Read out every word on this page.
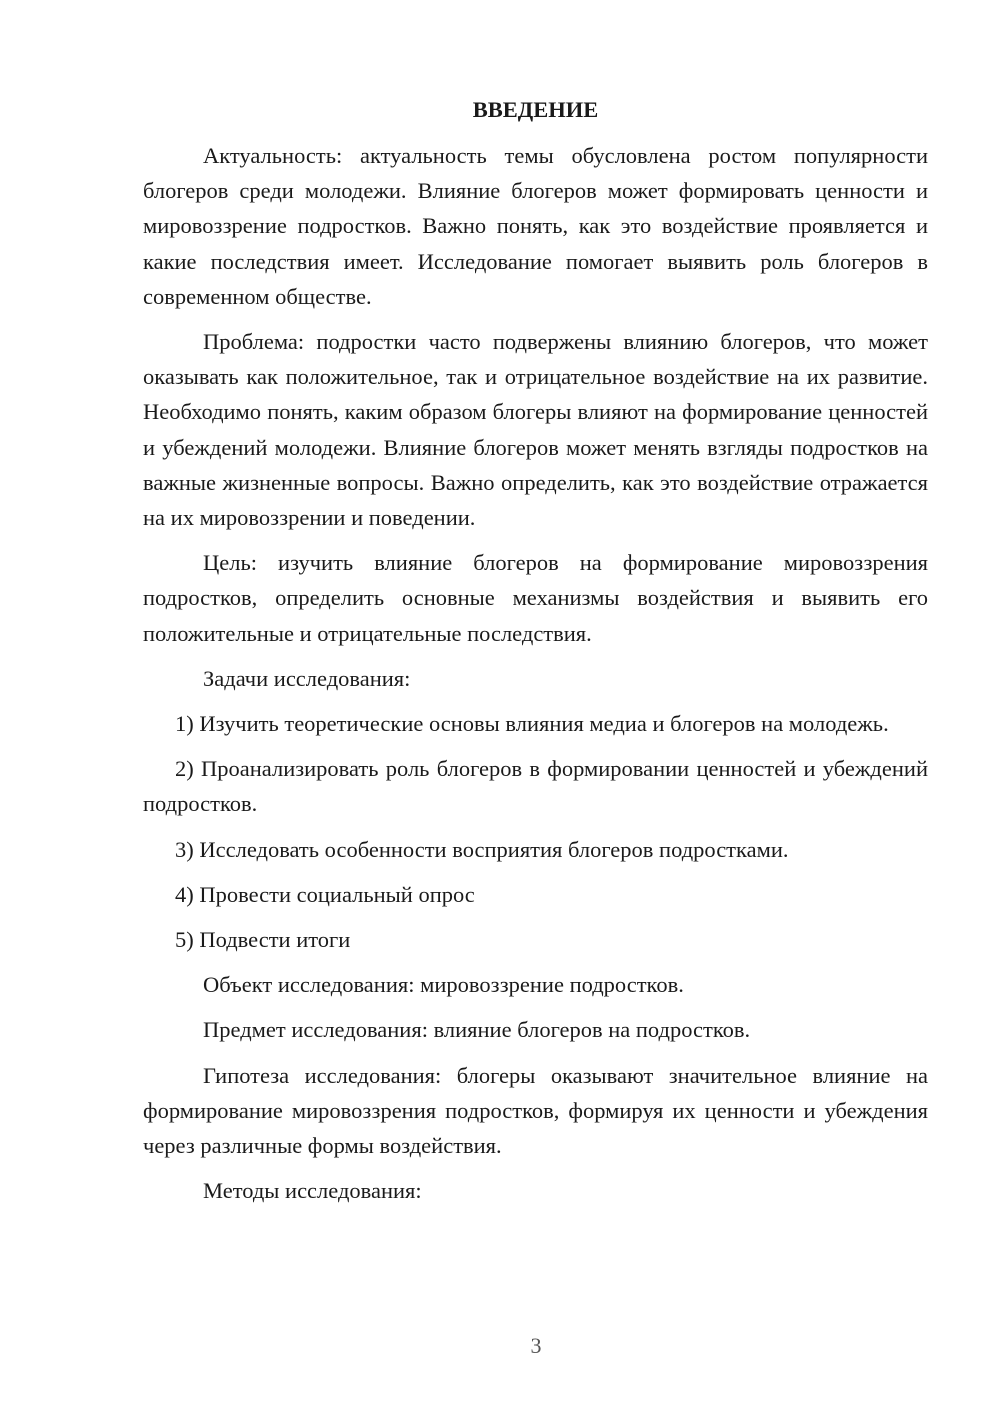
ВВЕДЕНИЕ

Актуальность: актуальность темы обусловлена ростом популярности блогеров среди молодежи. Влияние блогеров может формировать ценности и мировоззрение подростков. Важно понять, как это воздействие проявляется и какие последствия имеет. Исследование помогает выявить роль блогеров в современном обществе.

Проблема: подростки часто подвержены влиянию блогеров, что может оказывать как положительное, так и отрицательное воздействие на их развитие. Необходимо понять, каким образом блогеры влияют на формирование ценностей и убеждений молодежи. Влияние блогеров может менять взгляды подростков на важные жизненные вопросы. Важно определить, как это воздействие отражается на их мировоззрении и поведении.

Цель: изучить влияние блогеров на формирование мировоззрения подростков, определить основные механизмы воздействия и выявить его положительные и отрицательные последствия.

Задачи исследования:

1) Изучить теоретические основы влияния медиа и блогеров на молодежь.

2) Проанализировать роль блогеров в формировании ценностей и убеждений подростков.

3) Исследовать особенности восприятия блогеров подростками.

4) Провести социальный опрос

5) Подвести итоги

Объект исследования: мировоззрение подростков.

Предмет исследования: влияние блогеров на подростков.

Гипотеза исследования: блогеры оказывают значительное влияние на формирование мировоззрения подростков, формируя их ценности и убеждения через различные формы воздействия.

Методы исследования:

3
